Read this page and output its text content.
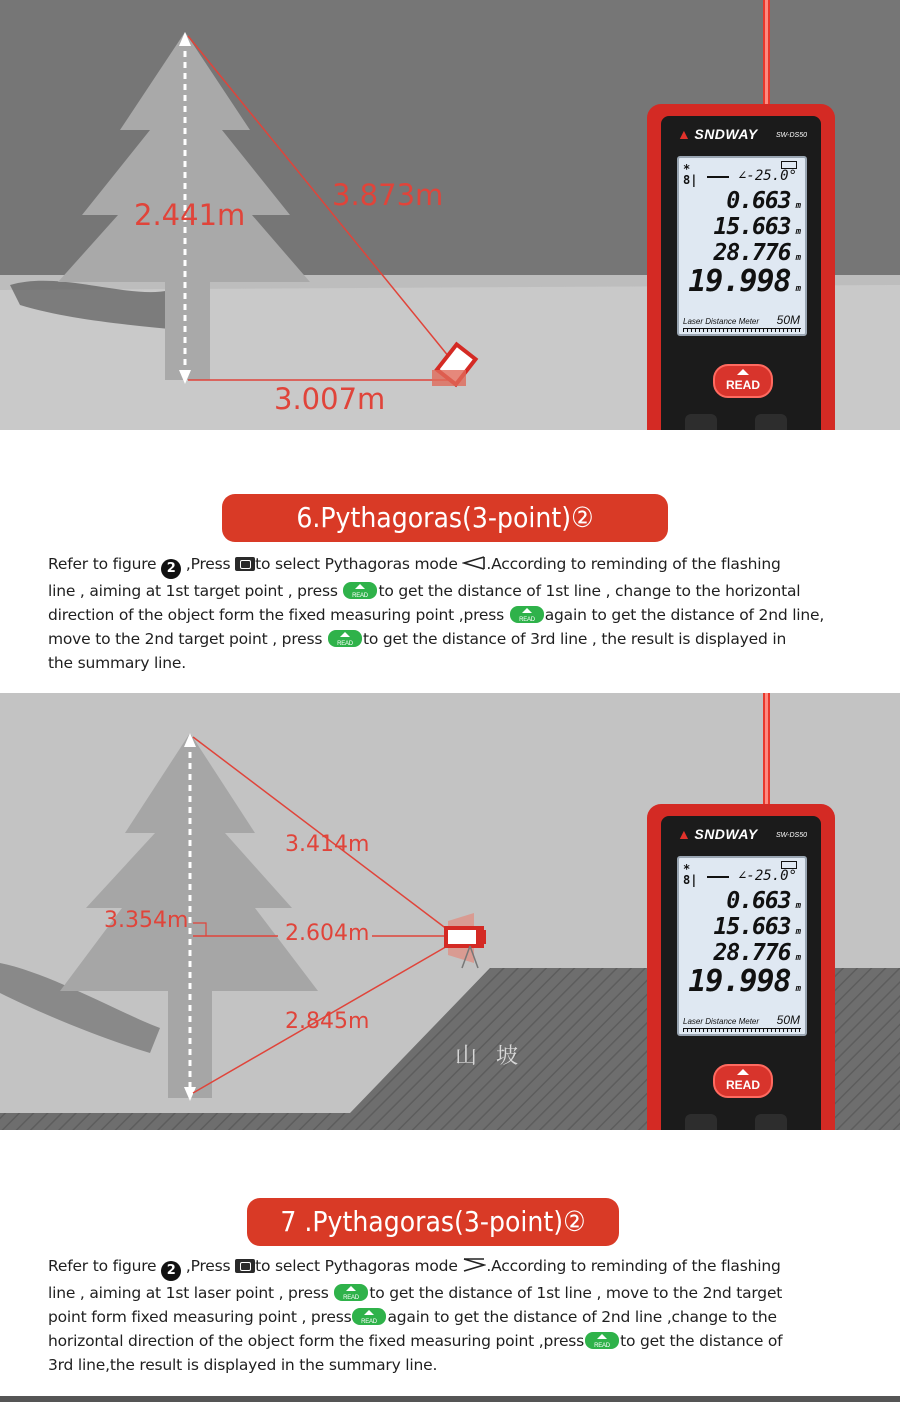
2.441m
3.873m
3.007m
▲ SNDWAY	SW-DS50
*
8|	∠-25.0°
0.663 m
15.663 m
28.776 m
19.998 m
Laser Distance Meter 50M
READ
6.Pythagoras(3-point)②
Refer to figure 2 ,Press to select Pythagoras mode .According to reminding of the flashing
line , aiming at 1st target point , press READ to get the distance of 1st line , change to the horizontal
direction of the object form the fixed measuring point ,press READ again to get the distance of 2nd line,
move to the 2nd target point , press READ to get the distance of 3rd line , the result is displayed in
the summary line.
3.414m
3.354m
2.604m
2.845m
山 坡
▲ SNDWAY	SW-DS50
*
8|	∠-25.0°
0.663 m
15.663 m
28.776 m
19.998 m
Laser Distance Meter 50M
READ
7 .Pythagoras(3-point)②
Refer to figure 2 ,Press to select Pythagoras mode .According to reminding of the flashing
line , aiming at 1st laser point , press READ to get the distance of 1st line , move to the 2nd target
point form fixed measuring point , press READ again to get the distance of 2nd line ,change to the
horizontal direction of the object form the fixed measuring point ,press READ to get the distance of
3rd line,the result is displayed in the summary line.
